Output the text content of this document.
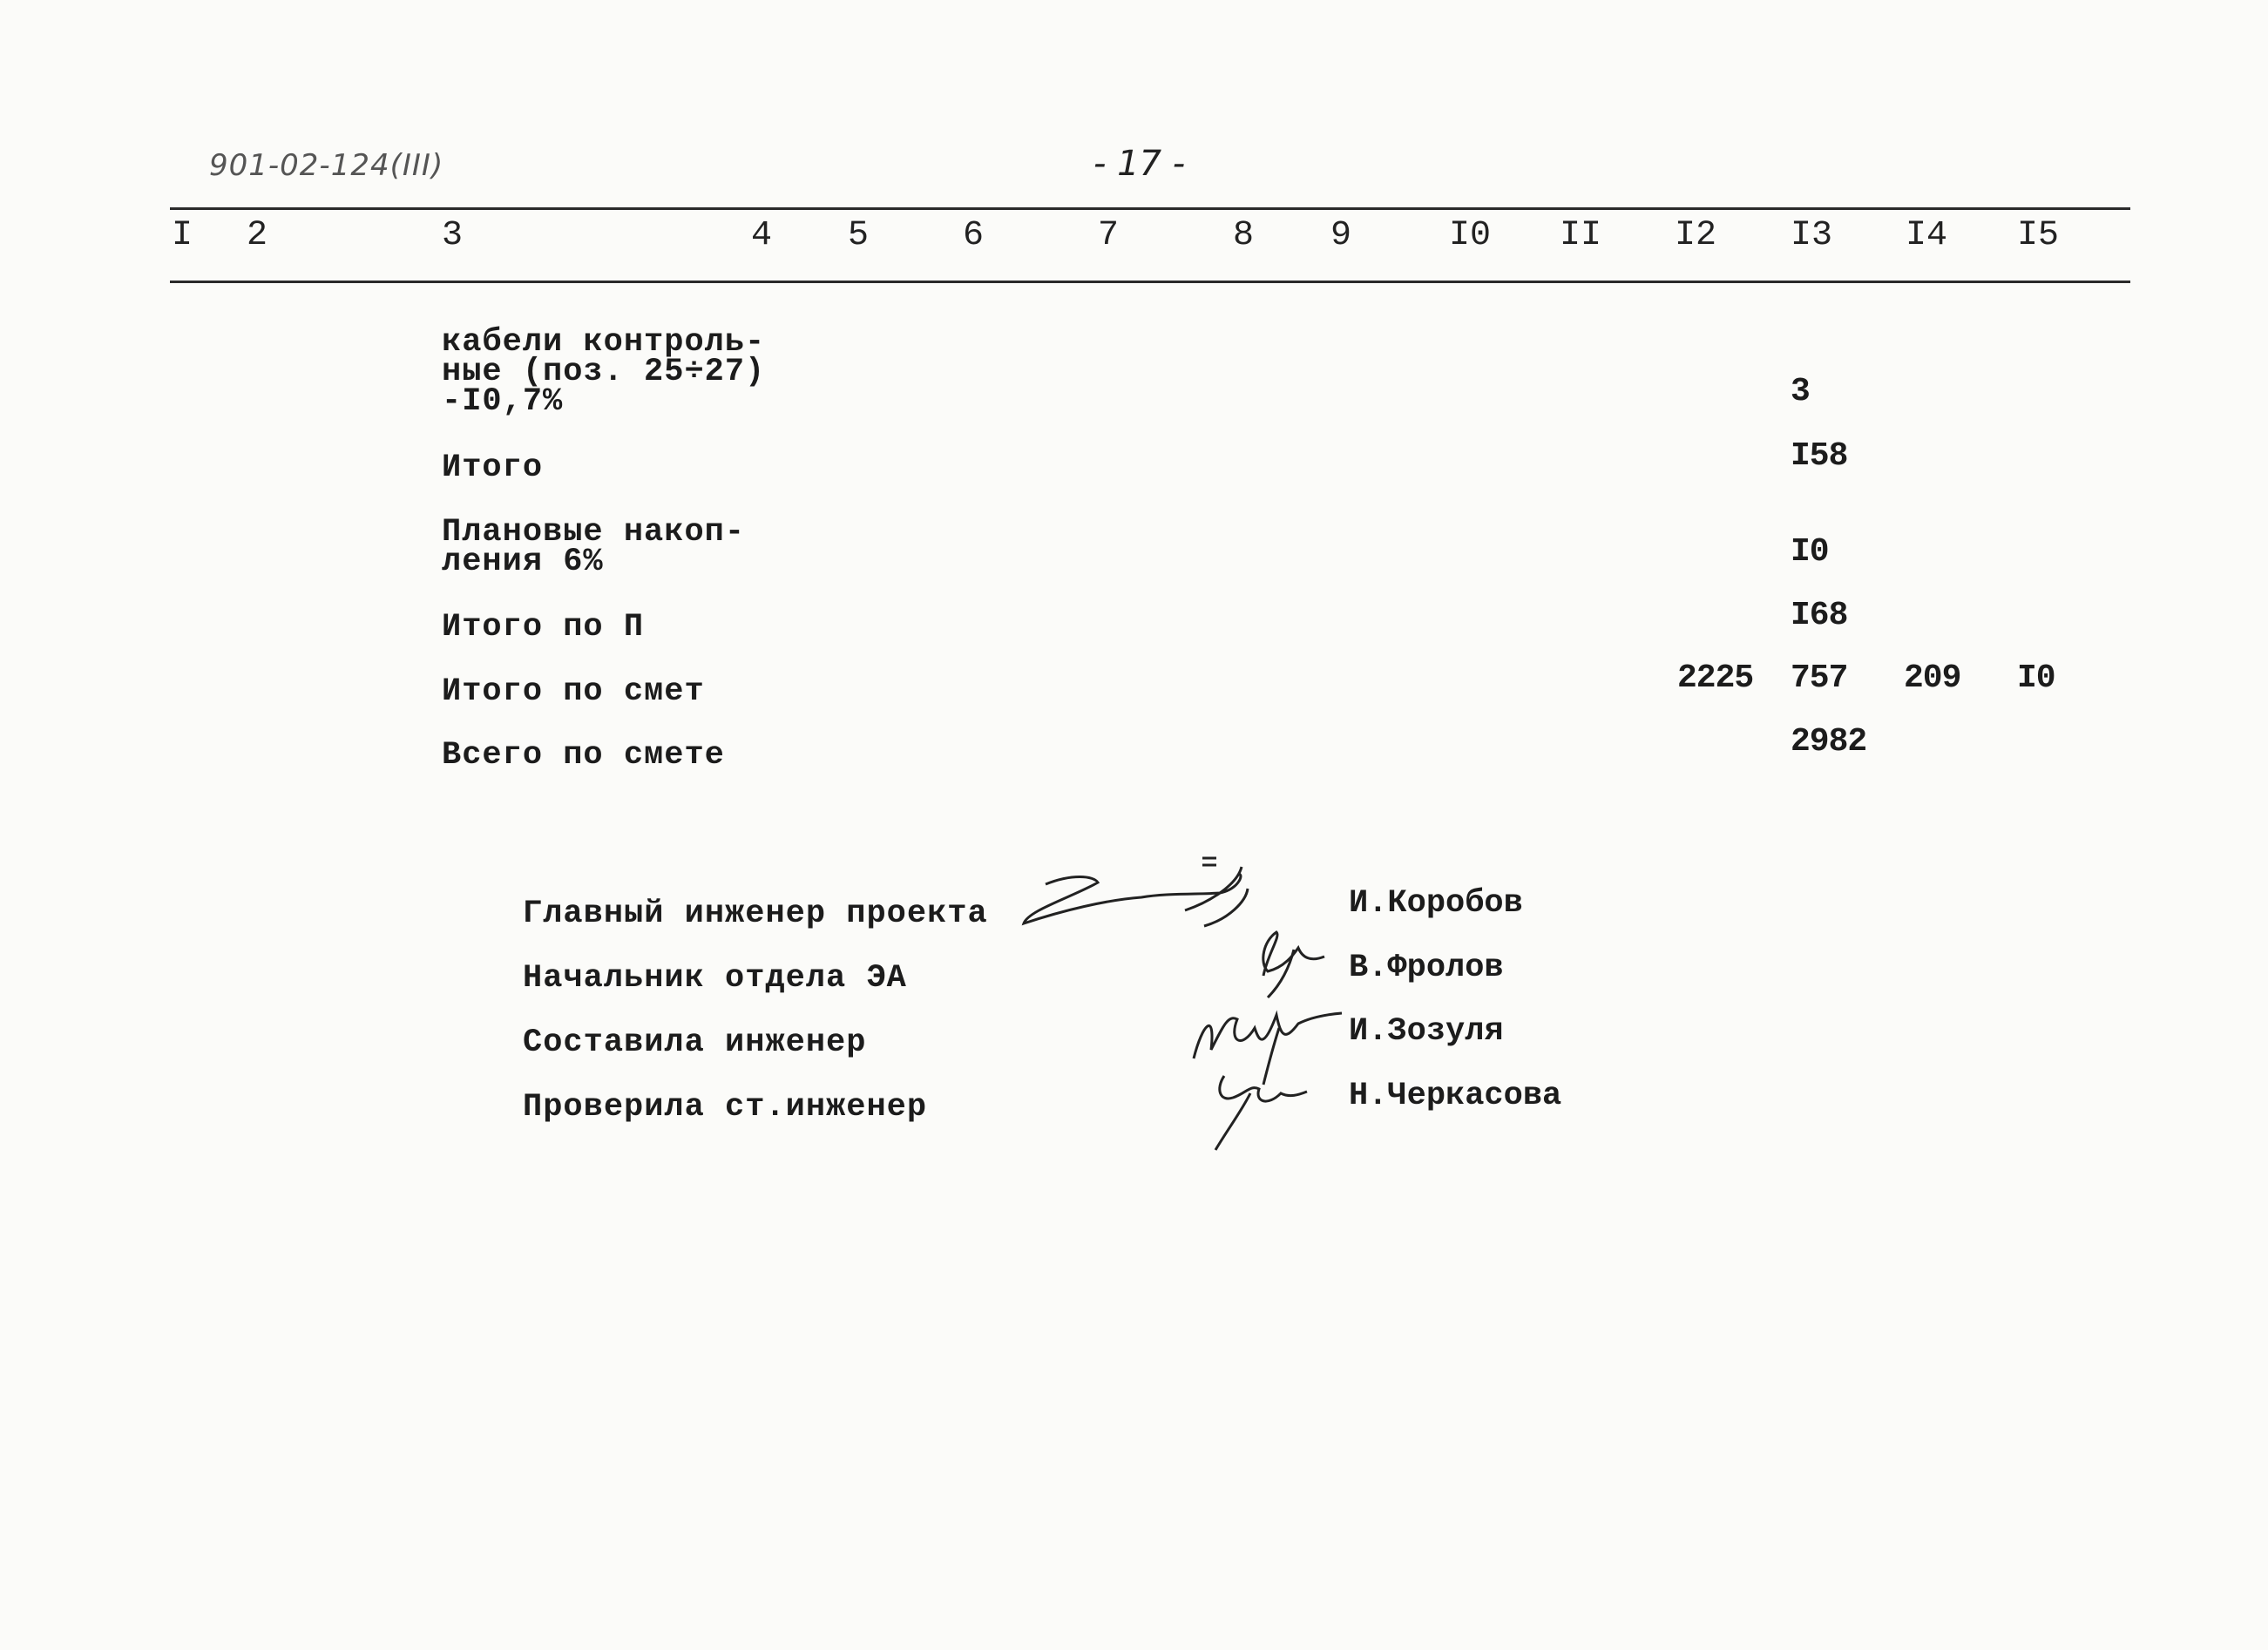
901-02-124(III)	- 17 -
I 2	3	4 5	6	7	8 9	I0 II I2 I3 I4 I5
кабели контроль-
ные (поз. 25÷27)
-I0,7%	3
Итого	I58
Плановые накоп-
ления 6%	I0
Итого по П	I68
Итого по смет	2225 757 209 I0
Всего по смете	2982
Главный инженер проекта	И.Коробов
Начальник отдела ЭА	В.Фролов
Составила инженер	И.Зозуля
Проверила ст.инженер	Н.Черкасова
